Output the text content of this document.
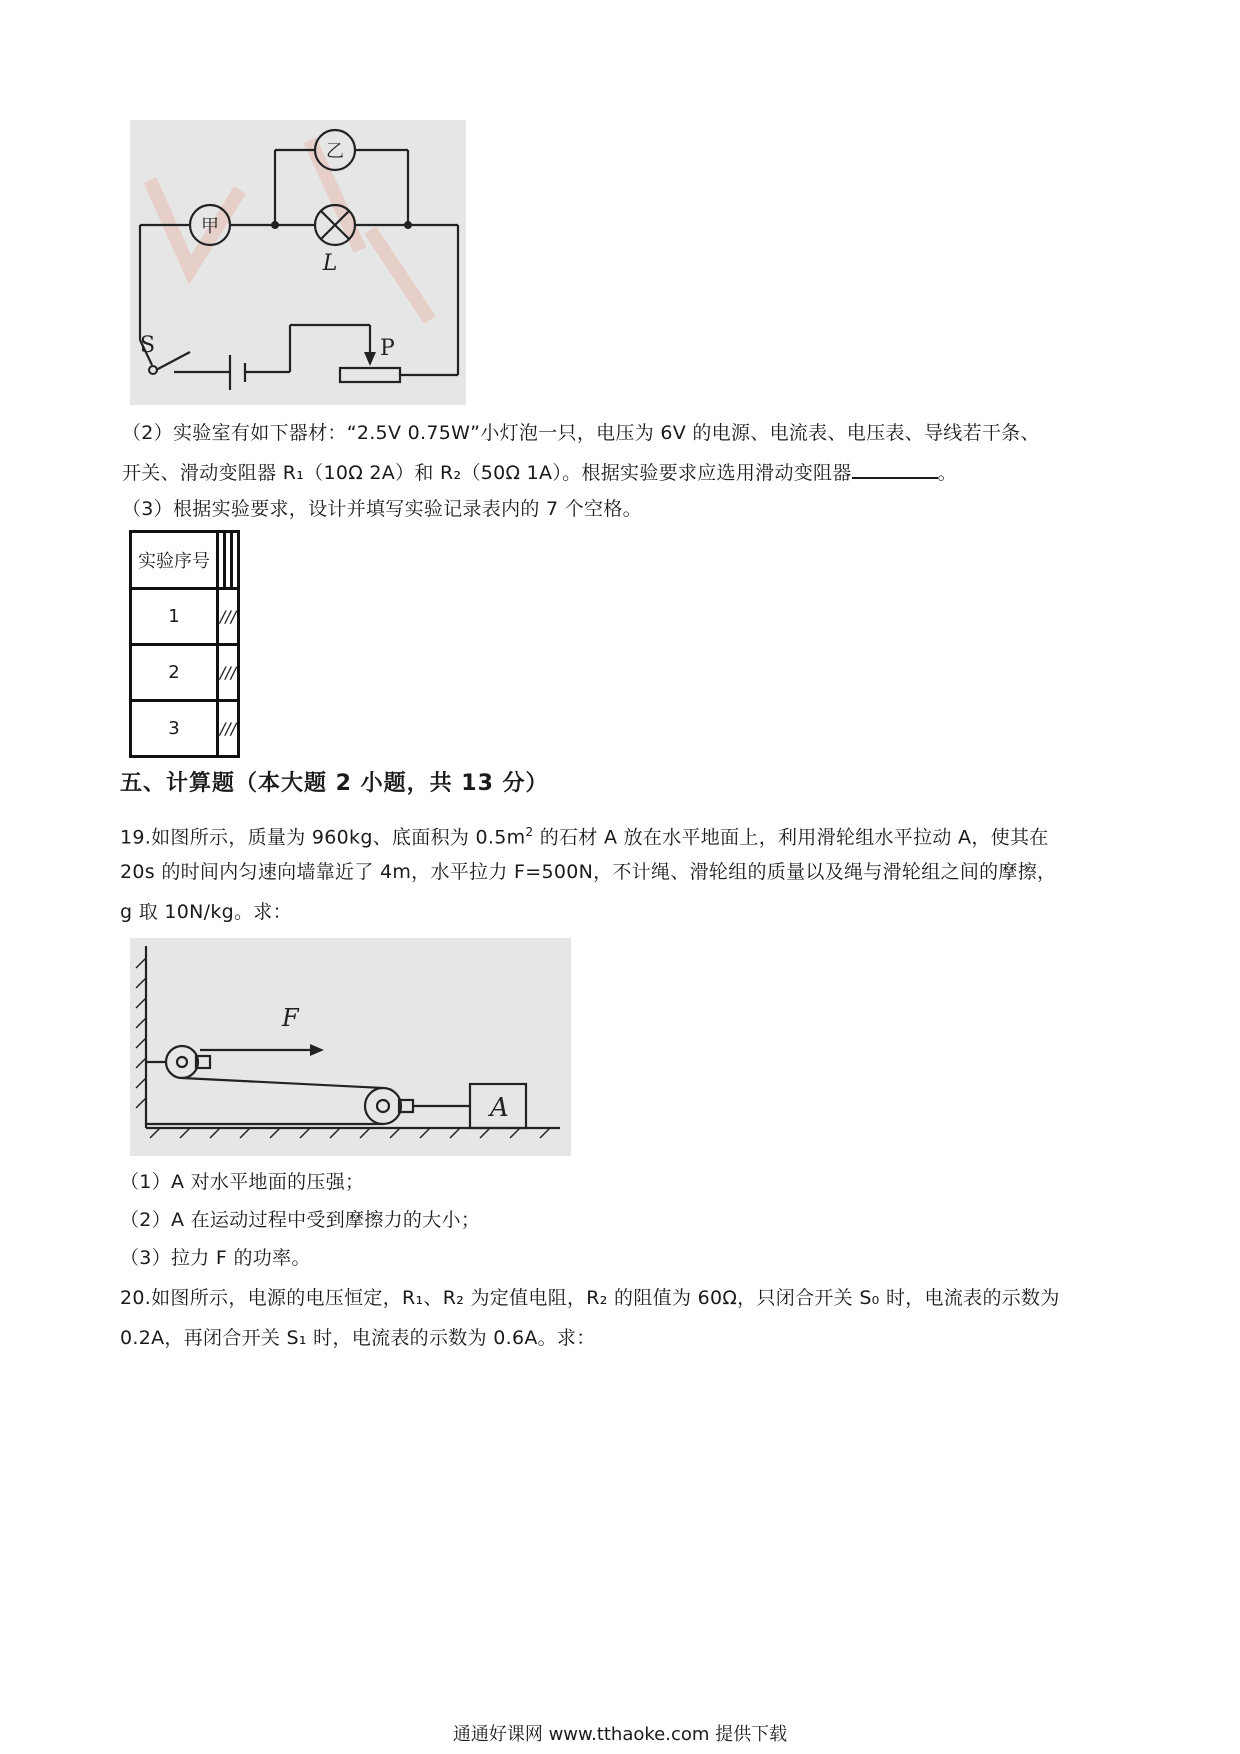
甲
乙
L
S	P
（2）实验室有如下器材：“2.5V 0.75W”小灯泡一只，电压为 6V 的电源、电流表、电压表、导线若干条、
开关、滑动变阻器 R₁（10Ω 2A）和 R₂（50Ω 1A）。根据实验要求应选用滑动变阻器	。
（3）根据实验要求，设计并填写实验记录表内的 7 个空格。
实验序号			
1	///		
2	///		
3	///		
五、计算题（本大题 2 小题，共 13 分）
19.如图所示，质量为 960kg、底面积为 $0.5m^2$ 的石材 A 放在水平地面上，利用滑轮组水平拉动 A，使其在
20s 的时间内匀速向墙靠近了 4m，水平拉力 F=500N，不计绳、滑轮组的质量以及绳与滑轮组之间的摩擦，
g 取 10N/kg。求：
F
A
（1）A 对水平地面的压强；
（2）A 在运动过程中受到摩擦力的大小；
（3）拉力 F 的功率。
20.如图所示，电源的电压恒定，R₁、R₂ 为定值电阻，R₂ 的阻值为 60Ω，只闭合开关 S₀ 时，电流表的示数为
0.2A，再闭合开关 S₁ 时，电流表的示数为 0.6A。求：
通通好课网 www.tthaoke.com 提供下载
